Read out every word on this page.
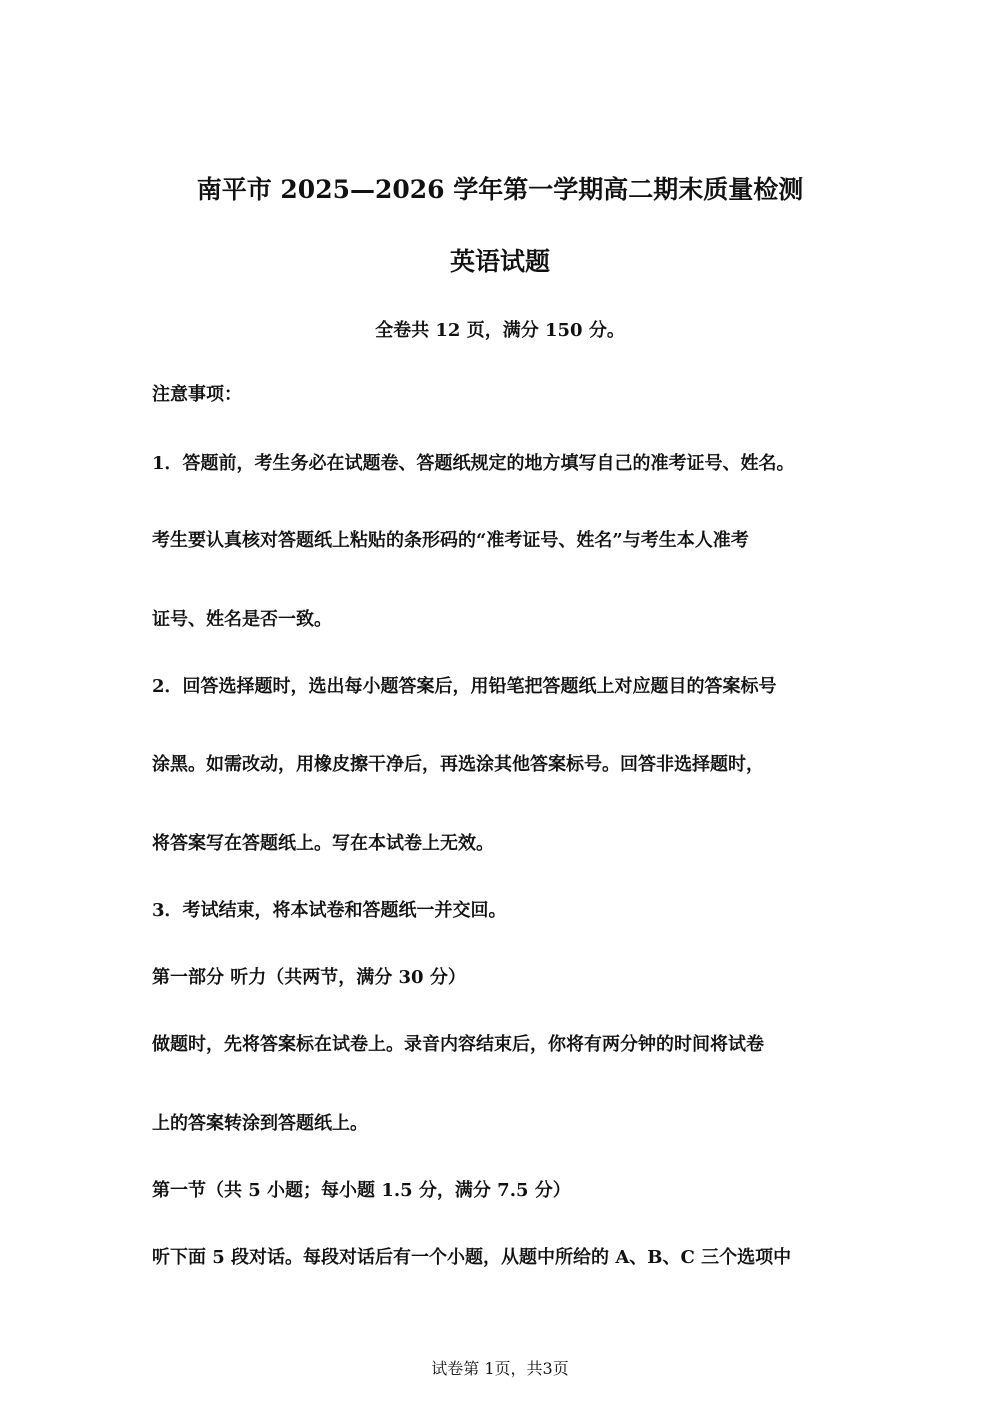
南平市 2025—2026 学年第一学期高二期末质量检测
英语试题
全卷共 12 页，满分 150 分。
注意事项：
1．答题前，考生务必在试题卷、答题纸规定的地方填写自己的准考证号、姓名。
考生要认真核对答题纸上粘贴的条形码的“准考证号、姓名”与考生本人准考
证号、姓名是否一致。
2．回答选择题时，选出每小题答案后，用铅笔把答题纸上对应题目的答案标号
涂黑。如需改动，用橡皮擦干净后，再选涂其他答案标号。回答非选择题时，
将答案写在答题纸上。写在本试卷上无效。
3．考试结束，将本试卷和答题纸一并交回。
第一部分 听力（共两节，满分 30 分）
做题时，先将答案标在试卷上。录音内容结束后，你将有两分钟的时间将试卷
上的答案转涂到答题纸上。
第一节（共 5 小题；每小题 1.5 分，满分 7.5 分）
听下面 5 段对话。每段对话后有一个小题，从题中所给的 A、B、C 三个选项中
试卷第 1页，共3页
